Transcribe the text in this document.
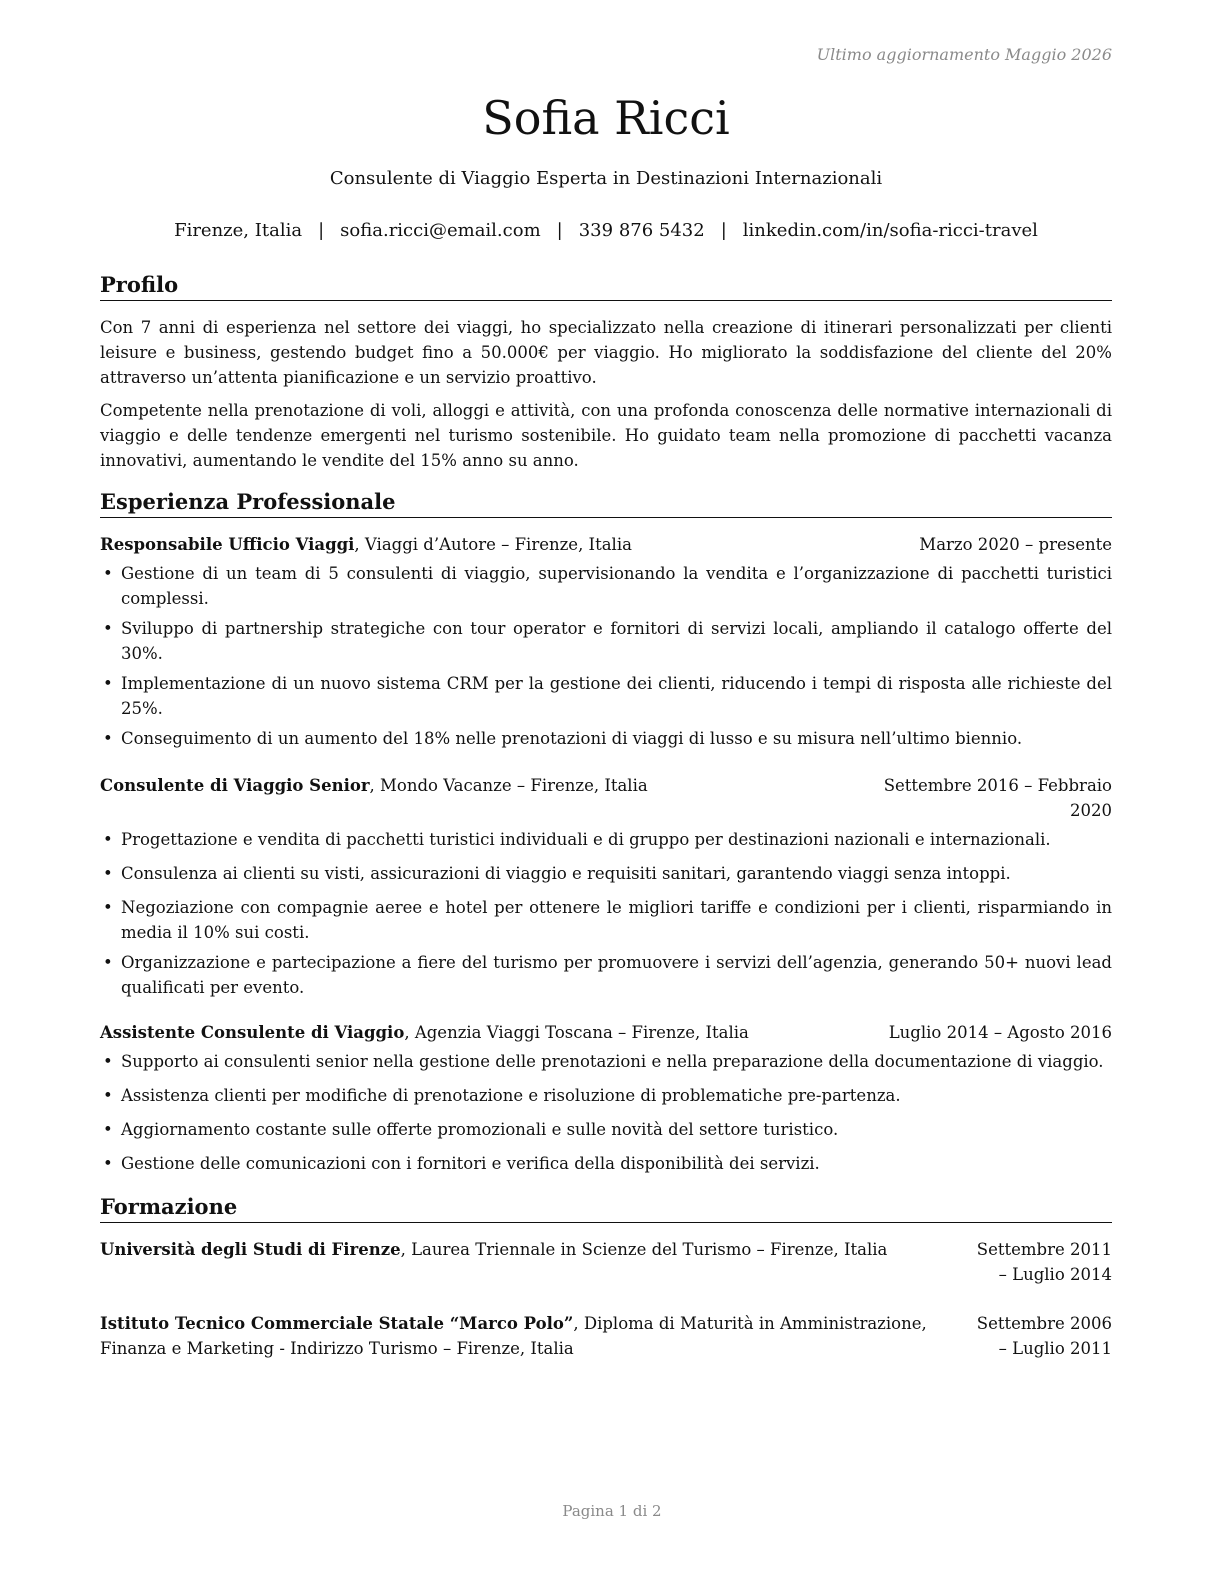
Ultimo aggiornamento Maggio 2026
Sofia Ricci
Consulente di Viaggio Esperta in Destinazioni Internazionali
Firenze, Italia | sofia.ricci@email.com | 339 876 5432 | linkedin.com/in/sofia-ricci-travel
Profilo

Con 7 anni di esperienza nel settore dei viaggi, ho specializzato nella creazione di itinerari personalizzati per clienti leisure e business, gestendo budget fino a 50.000€ per viaggio. Ho migliorato la soddisfazione del cliente del 20% attraverso un’attenta pianificazione e un servizio proattivo.

Competente nella prenotazione di voli, alloggi e attività, con una profonda conoscenza delle normative internazionali di viaggio e delle tendenze emergenti nel turismo sostenibile. Ho guidato team nella promozione di pacchetti vacanza innovativi, aumentando le vendite del 15% anno su anno.

Esperienza Professionale
Responsabile Ufficio Viaggi, Viaggi d’Autore – Firenze, Italia	Marzo 2020 – presente
• Gestione di un team di 5 consulenti di viaggio, supervisionando la vendita e l’organizzazione di pacchetti turistici complessi.
• Sviluppo di partnership strategiche con tour operator e fornitori di servizi locali, ampliando il catalogo offerte del 30%.
• Implementazione di un nuovo sistema CRM per la gestione dei clienti, riducendo i tempi di risposta alle richieste del 25%.
• Conseguimento di un aumento del 18% nelle prenotazioni di viaggi di lusso e su misura nell’ultimo biennio.
Consulente di Viaggio Senior, Mondo Vacanze – Firenze, Italia	Settembre 2016 – Febbraio 2020
• Progettazione e vendita di pacchetti turistici individuali e di gruppo per destinazioni nazionali e internazionali.
• Consulenza ai clienti su visti, assicurazioni di viaggio e requisiti sanitari, garantendo viaggi senza intoppi.
• Negoziazione con compagnie aeree e hotel per ottenere le migliori tariffe e condizioni per i clienti, risparmiando in media il 10% sui costi.
• Organizzazione e partecipazione a fiere del turismo per promuovere i servizi dell’agenzia, generando 50+ nuovi lead qualificati per evento.
Assistente Consulente di Viaggio, Agenzia Viaggi Toscana – Firenze, Italia	Luglio 2014 – Agosto 2016
• Supporto ai consulenti senior nella gestione delle prenotazioni e nella preparazione della documentazione di viaggio.
• Assistenza clienti per modifiche di prenotazione e risoluzione di problematiche pre-partenza.
• Aggiornamento costante sulle offerte promozionali e sulle novità del settore turistico.
• Gestione delle comunicazioni con i fornitori e verifica della disponibilità dei servizi.
Formazione
Università degli Studi di Firenze, Laurea Triennale in Scienze del Turismo – Firenze, Italia	Settembre 2011 – Luglio 2014
Istituto Tecnico Commerciale Statale “Marco Polo”, Diploma di Maturità in Amministrazione, Finanza e Marketing - Indirizzo Turismo – Firenze, Italia
Settembre 2006 – Luglio 2011
Pagina 1 di 2
